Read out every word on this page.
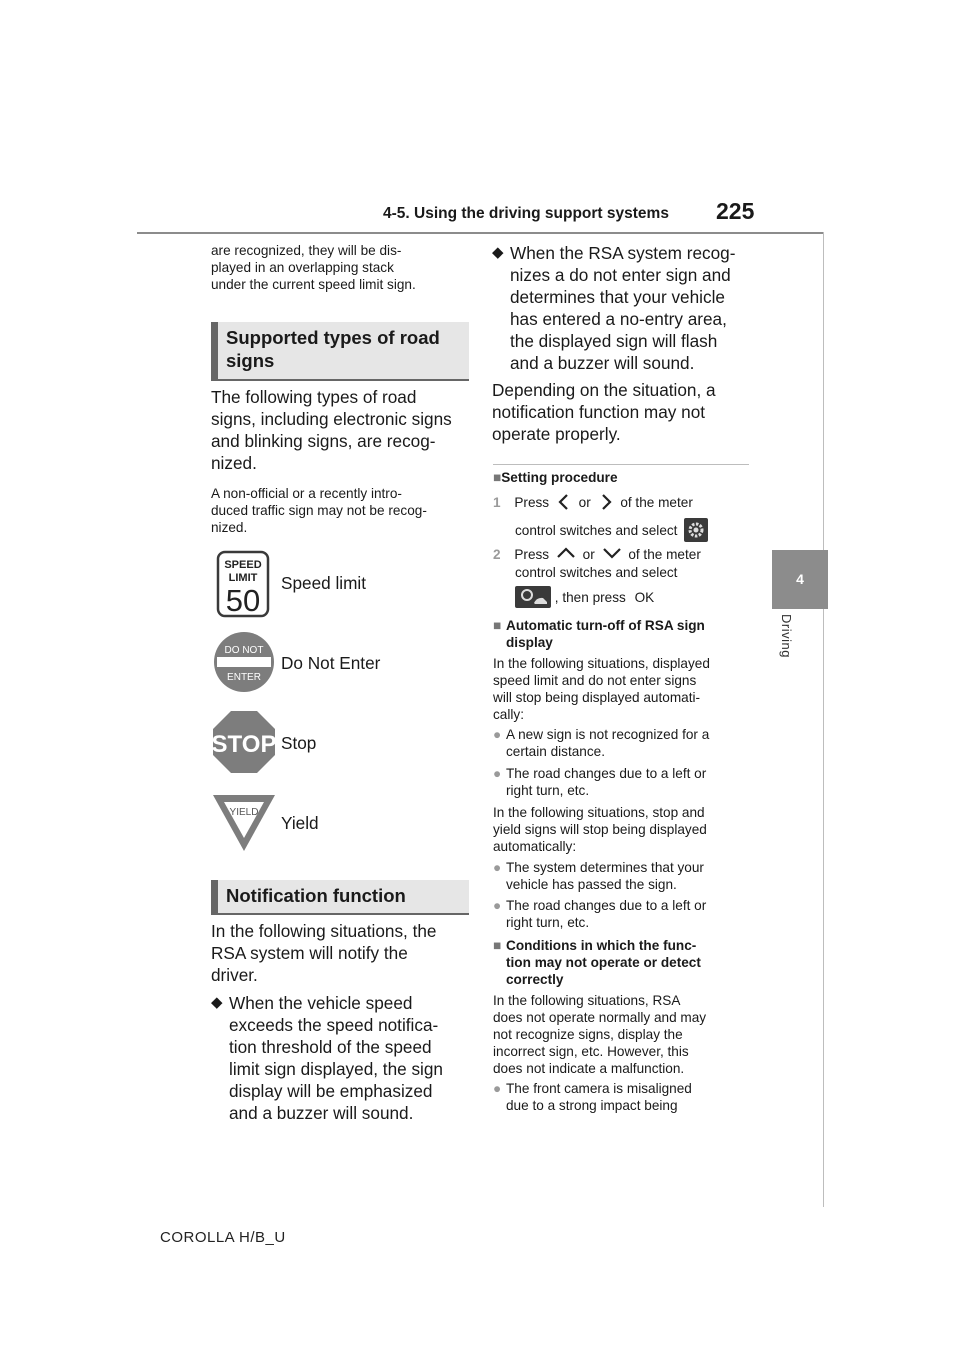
4-5. Using the driving support systems 225
4
Driving

are recognized, they will be dis-
played in an overlapping stack
under the current speed limit sign.

Supported types of road
signs

The following types of road
signs, including electronic signs
and blinking signs, are recog-
nized.

A non-official or a recently intro-
duced traffic sign may not be recog-
nized.

SPEED
LIMIT
50 Speed limit
DO NOT
ENTER
Do Not Enter
STOP Stop
YIELD
Yield
Notification function

In the following situations, the
RSA system will notify the
driver.

◆ When the vehicle speed
exceeds the speed notifica-
tion threshold of the speed
limit sign displayed, the sign
display will be emphasized
and a buzzer will sound.

◆ When the RSA system recog-
nizes a do not enter sign and
determines that your vehicle
has entered a no-entry area,
the displayed sign will flash
and a buzzer will sound.

Depending on the situation, a
notification function may not
operate properly.

■Setting procedure
1 Press or of the meter
control switches and select
2 Press or of the meter
control switches and select
, then press OK
■ Automatic turn-off of RSA sign
display

In the following situations, displayed
speed limit and do not enter signs
will stop being displayed automati-
cally:

● A new sign is not recognized for a
certain distance.

● The road changes due to a left or
right turn, etc.

In the following situations, stop and
yield signs will stop being displayed
automatically:

● The system determines that your
vehicle has passed the sign.

● The road changes due to a left or
right turn, etc.

■ Conditions in which the func-
tion may not operate or detect
correctly

In the following situations, RSA
does not operate normally and may
not recognize signs, display the
incorrect sign, etc. However, this
does not indicate a malfunction.

● The front camera is misaligned
due to a strong impact being

COROLLA H/B_U
